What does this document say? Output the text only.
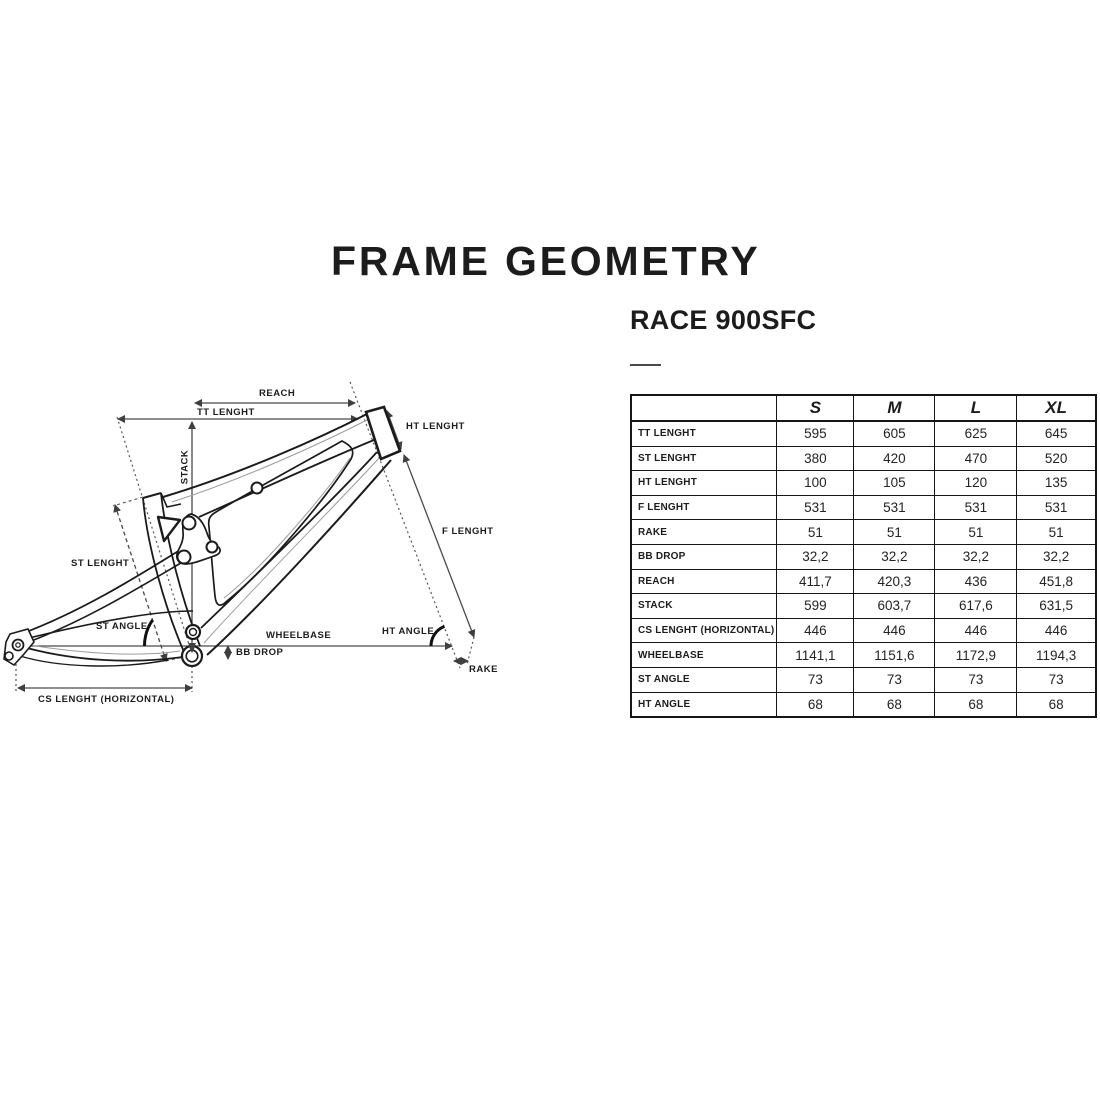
FRAME GEOMETRY
RACE 900SFC
REACH
TT LENGHT
STACK
HT LENGHT
F LENGHT
ST LENGHT
ST ANGLE
WHEELBASE
BB DROP
HT ANGLE
RAKE
CS LENGHT (HORIZONTAL)
	S	M	L	XL
TT LENGHT	595	605	625	645
ST LENGHT	380	420	470	520
HT LENGHT	100	105	120	135
F LENGHT	531	531	531	531
RAKE	51	51	51	51
BB DROP	32,2	32,2	32,2	32,2
REACH	411,7	420,3	436	451,8
STACK	599	603,7	617,6	631,5
CS LENGHT (HORIZONTAL)	446	446	446	446
WHEELBASE	1141,1	1151,6	1172,9	1194,3
ST ANGLE	73	73	73	73
HT ANGLE	68	68	68	68
